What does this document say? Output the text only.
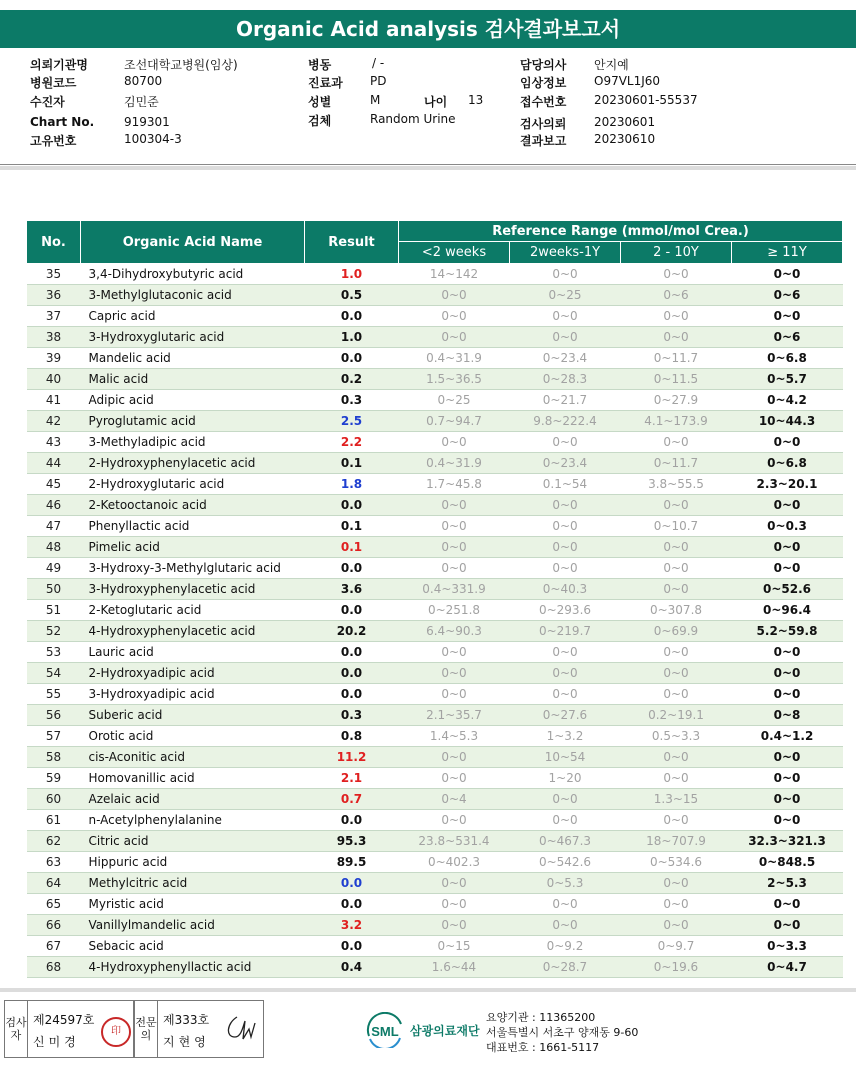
Organic Acid analysis 검사결과보고서
의뢰기관명	조선대학교병원(임상)
병원코드	80700
수진자	김민준
Chart No. 919301
고유번호	100304-3
병동	/ -
진료과 PD
성별	M	나이 13
검체	Random Urine
담당의사 안지예
임상정보 O97VL1J60
접수번호 20230601-55537
검사의뢰 20230601
결과보고 20230610
No.	Organic Acid Name	Result	Reference Range (mmol/mol Crea.)			
			<2 weeks	2weeks-1Y	2 - 10Y	≥ 11Y
35	3,4-Dihydroxybutyric acid	1.0	14~142	0~0	0~0	0~0
36	3-Methylglutaconic acid	0.5	0~0	0~25	0~6	0~6
37	Capric acid	0.0	0~0	0~0	0~0	0~0
38	3-Hydroxyglutaric acid	1.0	0~0	0~0	0~0	0~6
39	Mandelic acid	0.0	0.4~31.9	0~23.4	0~11.7	0~6.8
40	Malic acid	0.2	1.5~36.5	0~28.3	0~11.5	0~5.7
41	Adipic acid	0.3	0~25	0~21.7	0~27.9	0~4.2
42	Pyroglutamic acid	2.5	0.7~94.7	9.8~222.4	4.1~173.9	10~44.3
43	3-Methyladipic acid	2.2	0~0	0~0	0~0	0~0
44	2-Hydroxyphenylacetic acid	0.1	0.4~31.9	0~23.4	0~11.7	0~6.8
45	2-Hydroxyglutaric acid	1.8	1.7~45.8	0.1~54	3.8~55.5	2.3~20.1
46	2-Ketooctanoic acid	0.0	0~0	0~0	0~0	0~0
47	Phenyllactic acid	0.1	0~0	0~0	0~10.7	0~0.3
48	Pimelic acid	0.1	0~0	0~0	0~0	0~0
49	3-Hydroxy-3-Methylglutaric acid	0.0	0~0	0~0	0~0	0~0
50	3-Hydroxyphenylacetic acid	3.6	0.4~331.9	0~40.3	0~0	0~52.6
51	2-Ketoglutaric acid	0.0	0~251.8	0~293.6	0~307.8	0~96.4
52	4-Hydroxyphenylacetic acid	20.2	6.4~90.3	0~219.7	0~69.9	5.2~59.8
53	Lauric acid	0.0	0~0	0~0	0~0	0~0
54	2-Hydroxyadipic acid	0.0	0~0	0~0	0~0	0~0
55	3-Hydroxyadipic acid	0.0	0~0	0~0	0~0	0~0
56	Suberic acid	0.3	2.1~35.7	0~27.6	0.2~19.1	0~8
57	Orotic acid	0.8	1.4~5.3	1~3.2	0.5~3.3	0.4~1.2
58	cis-Aconitic acid	11.2	0~0	10~54	0~0	0~0
59	Homovanillic acid	2.1	0~0	1~20	0~0	0~0
60	Azelaic acid	0.7	0~4	0~0	1.3~15	0~0
61	n-Acetylphenylalanine	0.0	0~0	0~0	0~0	0~0
62	Citric acid	95.3	23.8~531.4	0~467.3	18~707.9	32.3~321.3
63	Hippuric acid	89.5	0~402.3	0~542.6	0~534.6	0~848.5
64	Methylcitric acid	0.0	0~0	0~5.3	0~0	2~5.3
65	Myristic acid	0.0	0~0	0~0	0~0	0~0
66	Vanillylmandelic acid	3.2	0~0	0~0	0~0	0~0
67	Sebacic acid	0.0	0~15	0~9.2	0~9.7	0~3.3
68	4-Hydroxyphenyllactic acid	0.4	1.6~44	0~28.7	0~19.6	0~4.7
검사자
제24597호
신미경
印
전문의
제333호
지현영
SML 삼광의료재단
요양기관 : 11365200
서울특별시 서초구 양재동 9-60
대표번호 : 1661-5117
